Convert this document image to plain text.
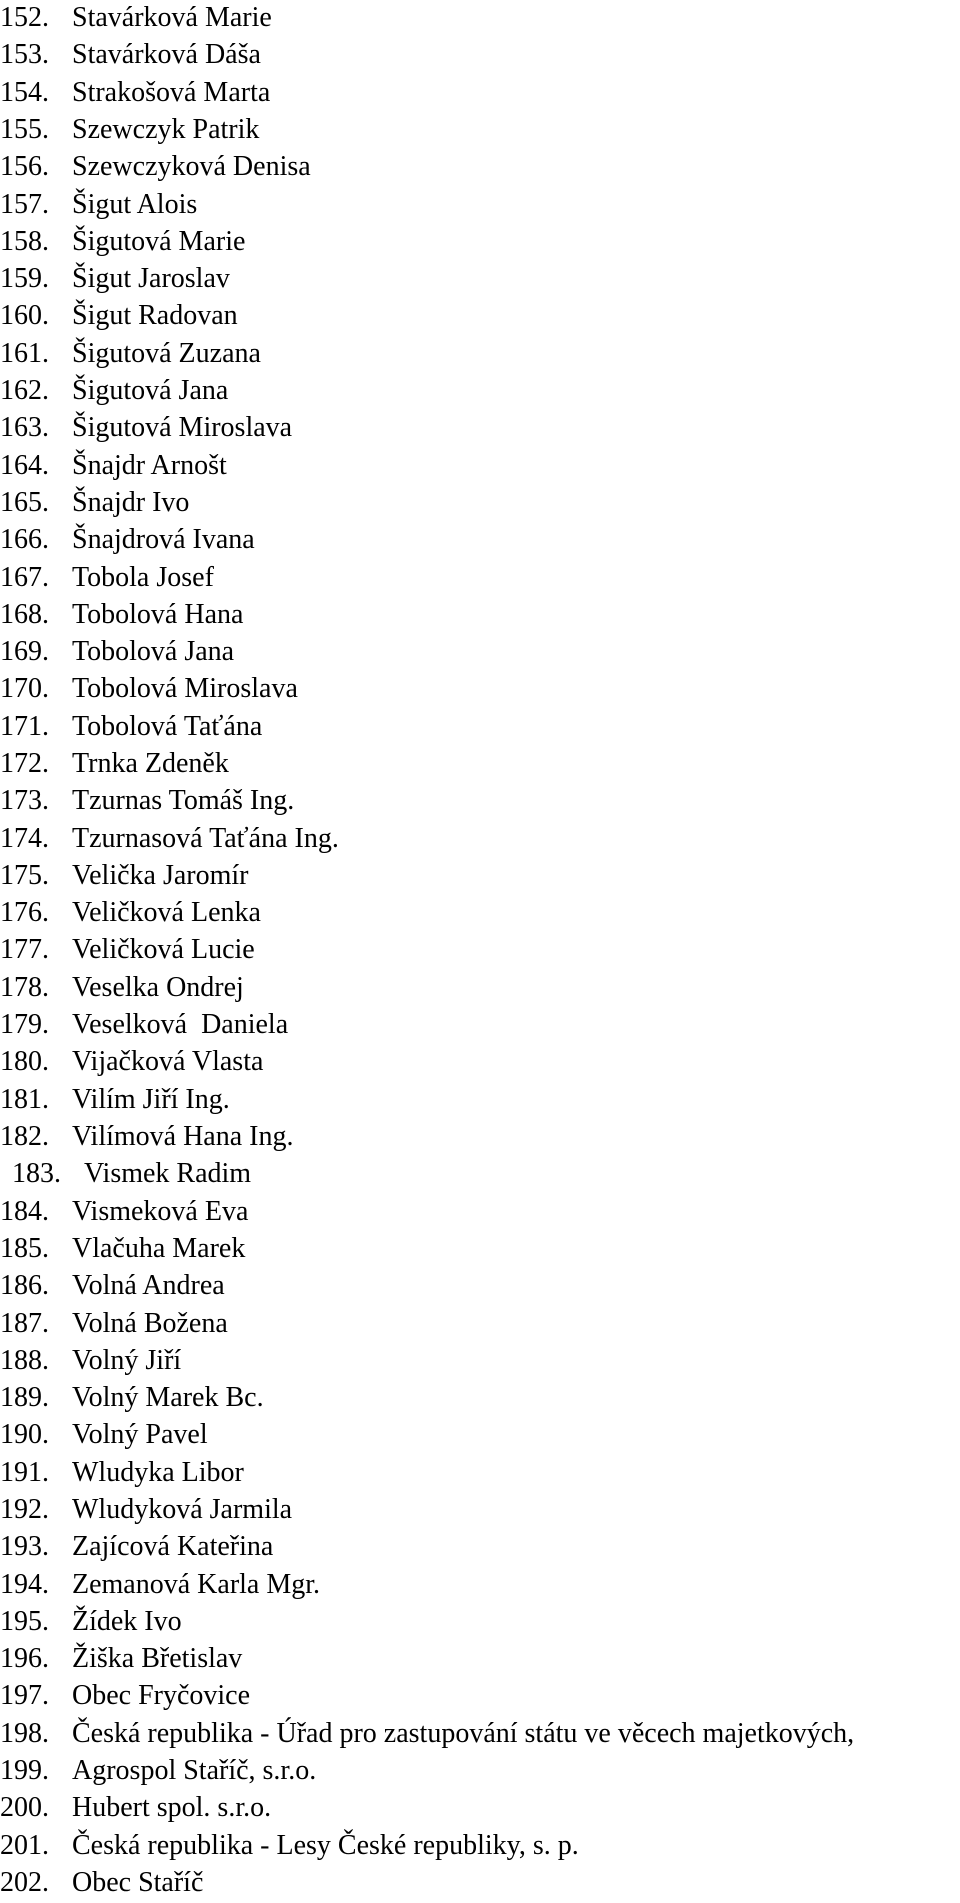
152. Stavárková Marie
153. Stavárková Dáša
154. Strakošová Marta
155. Szewczyk Patrik
156. Szewczyková Denisa
157. Šigut Alois
158. Šigutová Marie
159. Šigut Jaroslav
160. Šigut Radovan
161. Šigutová Zuzana
162. Šigutová Jana
163. Šigutová Miroslava
164. Šnajdr Arnošt
165. Šnajdr Ivo
166. Šnajdrová Ivana
167. Tobola Josef
168. Tobolová Hana
169. Tobolová Jana
170. Tobolová Miroslava
171. Tobolová Taťána
172. Trnka Zdeněk
173. Tzurnas Tomáš Ing.
174. Tzurnasová Taťána Ing.
175. Velička Jaromír
176. Veličková Lenka
177. Veličková Lucie
178. Veselka Ondrej
179. Veselková  Daniela
180. Vijačková Vlasta
181. Vilím Jiří Ing.
182. Vilímová Hana Ing.
183. Vismek Radim
184. Vismeková Eva
185. Vlačuha Marek
186. Volná Andrea
187. Volná Božena
188. Volný Jiří
189. Volný Marek Bc.
190. Volný Pavel
191. Wludyka Libor
192. Wludyková Jarmila
193. Zajícová Kateřina
194. Zemanová Karla Mgr.
195. Žídek Ivo
196. Žiška Břetislav
197. Obec Fryčovice
198. Česká republika - Úřad pro zastupování státu ve věcech majetkových,
199. Agrospol Staříč, s.r.o.
200. Hubert spol. s.r.o.
201. Česká republika - Lesy České republiky, s. p.
202. Obec Staříč
